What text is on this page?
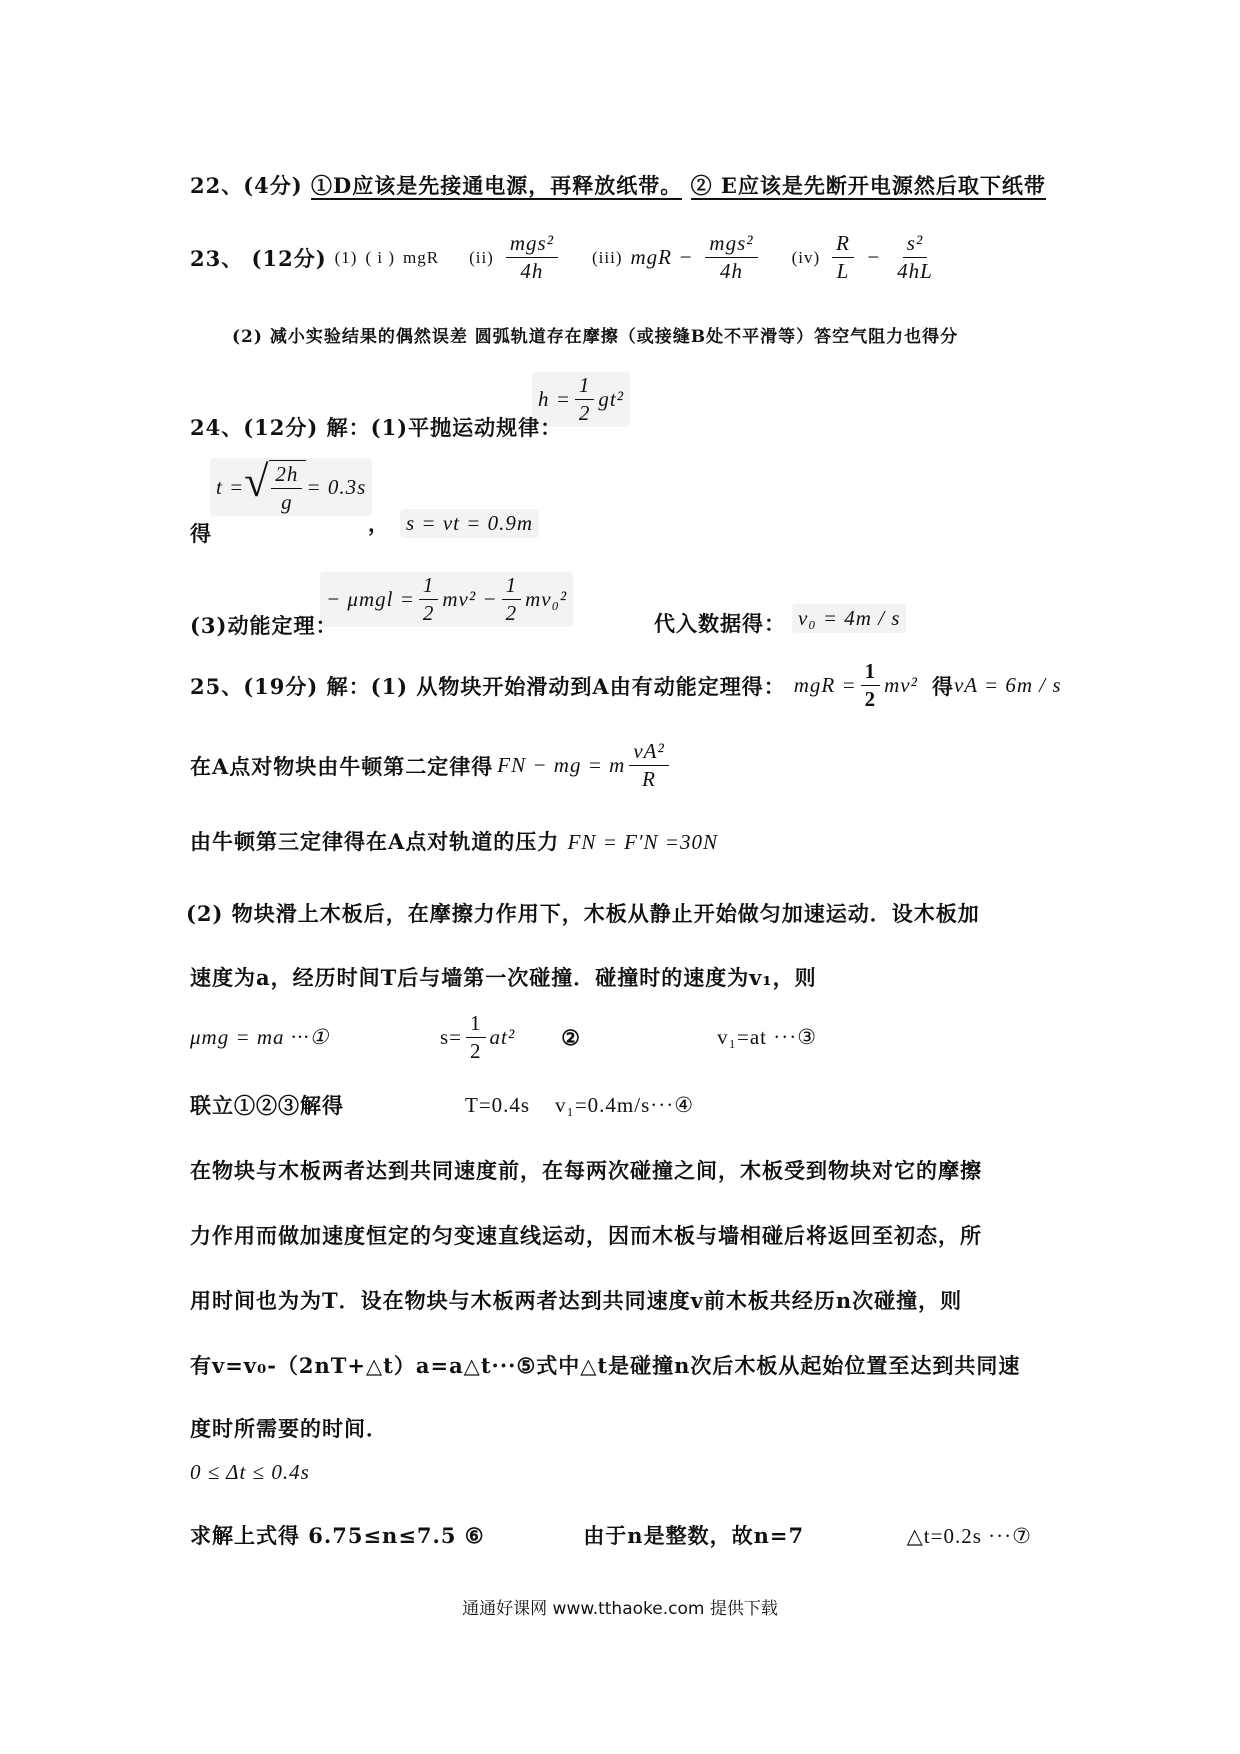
22、(4分) ①D应该是先接通电源，再释放纸带。 ② E应该是先断开电源然后取下纸带
23、 (12分) (1) ( i ) mgR $(ii) \frac{\text{mgs²}}{4h} (iii)$ mgR − $\frac{\text{mgs²}}{4h} (iv) \frac{R}{L} - \frac{\text{s²}}{4hL}$
(2) 减小实验结果的偶然误差 圆弧轨道存在摩擦（或接缝B处不平滑等）答空气阻力也得分
$h = \frac{1}{2} gt^2$
24、(12分) 解：(1)平抛运动规律：
t = √ $\frac{2h}{g} = 0.3s$
得	， s = vt = 0.9m
− $\mu mgl = \frac{1}{2} mv^2 - \frac{1}{2} mv_0^2$
(3)动能定理：	代入数据得： v₀ = 4m / s
25、(19分) 解：(1) 从物块开始滑动到A由有动能定理得： mgR = $\frac{1}{2} mv^2$ 得 vA = 6m / s
在A点对物块由牛顿第二定律得 FN − mg = m $\frac{\text{vA²}}{R}$
由牛顿第三定律得在A点对轨道的压力 FN = F′N =30N
(2) 物块滑上木板后，在摩擦力作用下，木板从静止开始做匀加速运动．设木板加
速度为a，经历时间T后与墙第一次碰撞．碰撞时的速度为v₁，则
μmg = ma ···①	$s= \frac{1}{2} at^2$ ②	v₁=at ···③
联立①②③解得	T=0.4s	v₁=0.4m/s···④
在物块与木板两者达到共同速度前，在每两次碰撞之间，木板受到物块对它的摩擦
力作用而做加速度恒定的匀变速直线运动，因而木板与墙相碰后将返回至初态，所
用时间也为为T．设在物块与木板两者达到共同速度v前木板共经历n次碰撞，则
有v=v₀-（2nT+△t）a=a△t···⑤式中△t是碰撞n次后木板从起始位置至达到共同速
度时所需要的时间．
0 ≤ Δt ≤ 0.4s
求解上式得 6.75≤n≤7.5 ⑥	由于n是整数，故n=7	△t=0.2s ···⑦
通通好课网 www.tthaoke.com 提供下载
